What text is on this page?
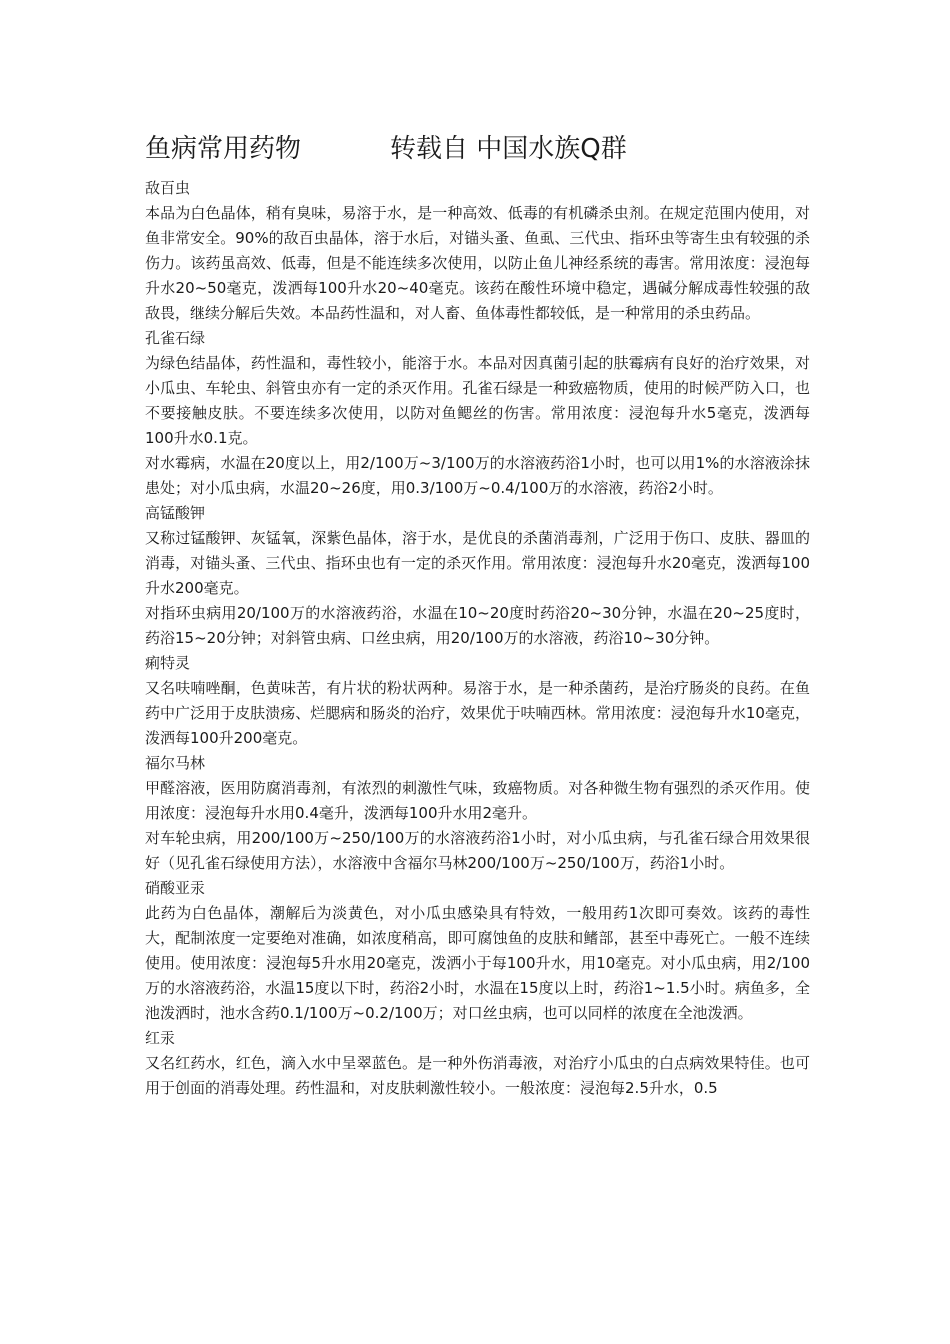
鱼病常用药物	转载自 中国水族Q群
敌百虫
本品为白色晶体，稍有臭味，易溶于水，是一种高效、低毒的有机磷杀虫剂。在规定范围内使用，对鱼非常安全。90%的敌百虫晶体，溶于水后，对锚头蚤、鱼虱、三代虫、指环虫等寄生虫有较强的杀伤力。该药虽高效、低毒，但是不能连续多次使用，以防止鱼儿神经系统的毒害。常用浓度：浸泡每升水20~50毫克，泼洒每100升水20~40毫克。该药在酸性环境中稳定，遇碱分解成毒性较强的敌敌畏，继续分解后失效。本品药性温和，对人畜、鱼体毒性都较低，是一种常用的杀虫药品。
孔雀石绿
为绿色结晶体，药性温和，毒性较小，能溶于水。本品对因真菌引起的肤霉病有良好的治疗效果，对小瓜虫、车轮虫、斜管虫亦有一定的杀灭作用。孔雀石绿是一种致癌物质，使用的时候严防入口，也不要接触皮肤。不要连续多次使用，以防对鱼鳃丝的伤害。常用浓度：浸泡每升水5毫克，泼洒每100升水0.1克。
对水霉病，水温在20度以上，用2/100万~3/100万的水溶液药浴1小时，也可以用1%的水溶液涂抹患处；对小瓜虫病，水温20~26度，用0.3/100万~0.4/100万的水溶液，药浴2小时。
高锰酸钾
又称过锰酸钾、灰锰氧，深紫色晶体，溶于水，是优良的杀菌消毒剂，广泛用于伤口、皮肤、器皿的消毒，对锚头蚤、三代虫、指环虫也有一定的杀灭作用。常用浓度：浸泡每升水20毫克，泼洒每100升水200毫克。
对指环虫病用20/100万的水溶液药浴，水温在10~20度时药浴20~30分钟，水温在20~25度时，药浴15~20分钟；对斜管虫病、口丝虫病，用20/100万的水溶液，药浴10~30分钟。
痢特灵
又名呋喃唑酮，色黄味苦，有片状的粉状两种。易溶于水，是一种杀菌药，是治疗肠炎的良药。在鱼药中广泛用于皮肤溃疡、烂腮病和肠炎的治疗，效果优于呋喃西林。常用浓度：浸泡每升水10毫克，泼洒每100升200毫克。
福尔马林
甲醛溶液，医用防腐消毒剂，有浓烈的刺激性气味，致癌物质。对各种微生物有强烈的杀灭作用。使用浓度：浸泡每升水用0.4毫升，泼洒每100升水用2毫升。
对车轮虫病，用200/100万~250/100万的水溶液药浴1小时，对小瓜虫病，与孔雀石绿合用效果很好（见孔雀石绿使用方法），水溶液中含福尔马林200/100万~250/100万，药浴1小时。
硝酸亚汞
此药为白色晶体，潮解后为淡黄色，对小瓜虫感染具有特效，一般用药1次即可奏效。该药的毒性大，配制浓度一定要绝对准确，如浓度稍高，即可腐蚀鱼的皮肤和鳍部，甚至中毒死亡。一般不连续使用。使用浓度：浸泡每5升水用20毫克，泼洒小于每100升水，用10毫克。对小瓜虫病，用2/100万的水溶液药浴，水温15度以下时，药浴2小时，水温在15度以上时，药浴1~1.5小时。病鱼多，全池泼洒时，池水含药0.1/100万~0.2/100万；对口丝虫病，也可以同样的浓度在全池泼洒。
红汞
又名红药水，红色，滴入水中呈翠蓝色。是一种外伤消毒液，对治疗小瓜虫的白点病效果特佳。也可用于创面的消毒处理。药性温和，对皮肤刺激性较小。一般浓度：浸泡每2.5升水，0.5
